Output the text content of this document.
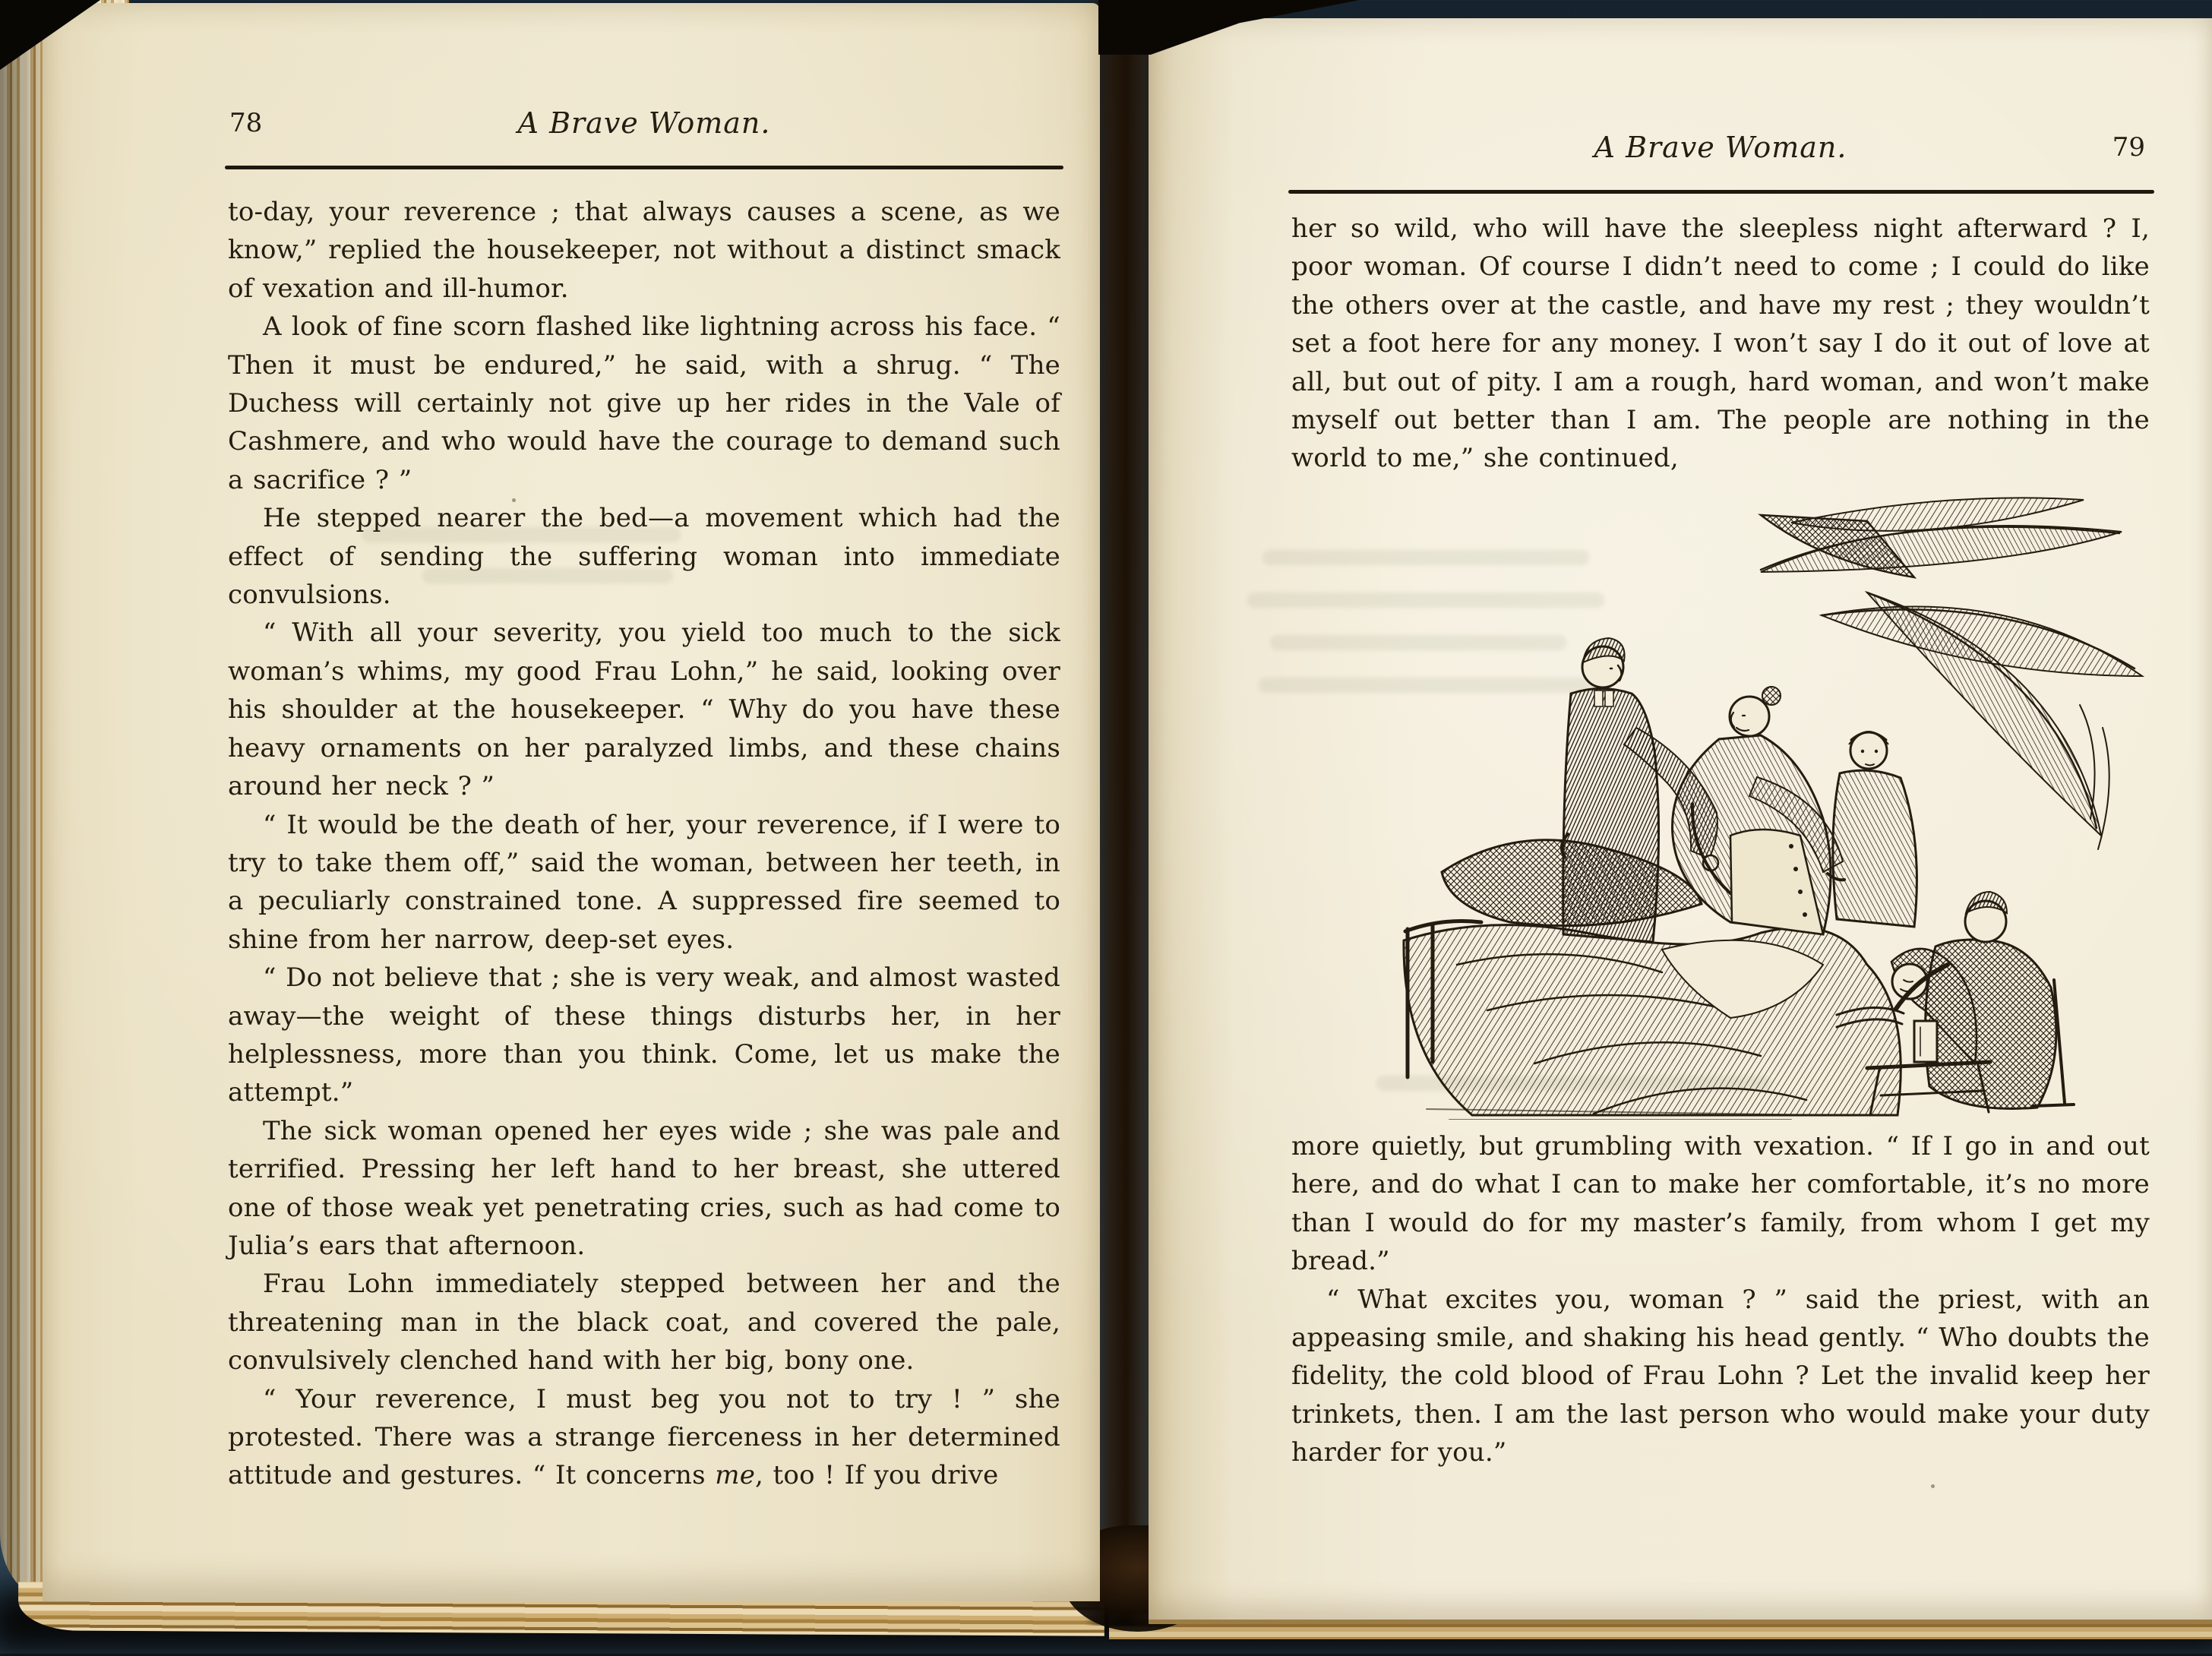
78	A Brave Woman.

to-day, your reverence ; that always causes a scene, as we know,” replied the housekeeper, not without a distinct smack of vexation and ill-humor.

A look of fine scorn flashed like lightning across his face. “ Then it must be endured,” he said, with a shrug. “ The Duchess will certainly not give up her rides in the Vale of Cashmere, and who would have the courage to demand such a sacrifice ? ”

He stepped nearer the bed—a movement which had the effect of sending the suffering woman into immediate convulsions.

“ With all your severity, you yield too much to the sick woman’s whims, my good Frau Lohn,” he said, looking over his shoulder at the housekeeper. “ Why do you have these heavy ornaments on her paralyzed limbs, and these chains around her neck ? ”

“ It would be the death of her, your reverence, if I were to try to take them off,” said the woman, between her teeth, in a peculiarly constrained tone. A suppressed fire seemed to shine from her narrow, deep-set eyes.

“ Do not believe that ; she is very weak, and almost wasted away—the weight of these things disturbs her, in her helplessness, more than you think. Come, let us make the attempt.”

The sick woman opened her eyes wide ; she was pale and terrified. Pressing her left hand to her breast, she uttered one of those weak yet penetrating cries, such as had come to Julia’s ears that afternoon.

Frau Lohn immediately stepped between her and the threatening man in the black coat, and covered the pale, convulsively clenched hand with her big, bony one.

“ Your reverence, I must beg you not to try ! ” she protested. There was a strange fierceness in her determined attitude and gestures. “ It concerns me, too ! If you drive

A Brave Woman.	79

her so wild, who will have the sleepless night afterward ? I, poor woman. Of course I didn’t need to come ; I could do like the others over at the castle, and have my rest ; they wouldn’t set a foot here for any money. I won’t say I do it out of love at all, but out of pity. I am a rough, hard woman, and won’t make myself out better than I am. The people are nothing in the world to me,” she continued,

more quietly, but grumbling with vexation. “ If I go in and out here, and do what I can to make her comfortable, it’s no more than I would do for my master’s family, from whom I get my bread.”

“ What excites you, woman ? ” said the priest, with an appeasing smile, and shaking his head gently. “ Who doubts the fidelity, the cold blood of Frau Lohn ? Let the invalid keep her trinkets, then. I am the last person who would make your duty harder for you.”
